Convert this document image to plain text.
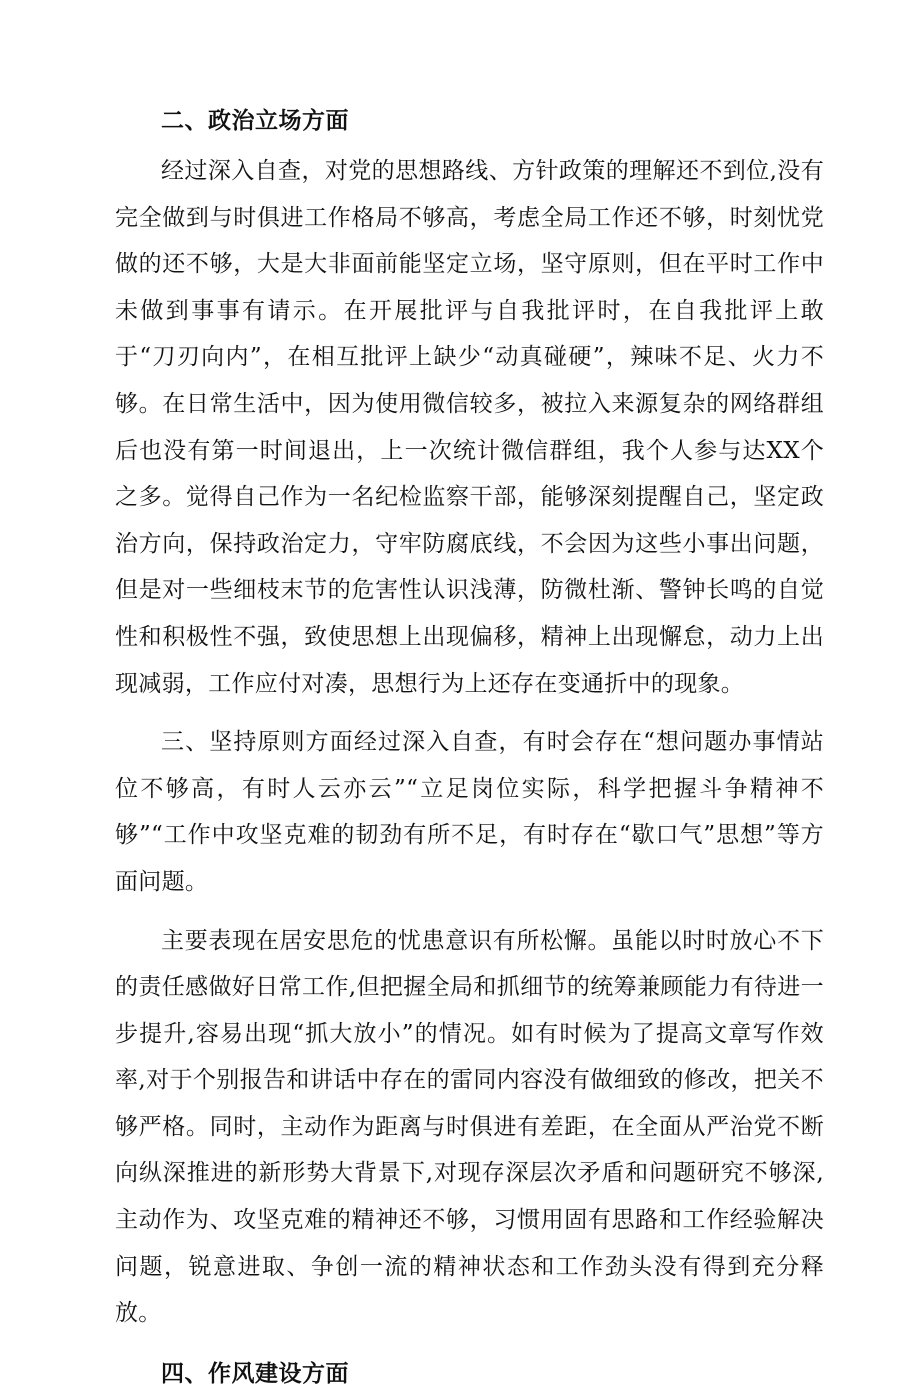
二、政治立场方面

经过深入自查，对党的思想路线、方针政策的理解还不到位,没有完全做到与时俱进工作格局不够高，考虑全局工作还不够，时刻忧党做的还不够，大是大非面前能坚定立场，坚守原则，但在平时工作中未做到事事有请示。在开展批评与自我批评时，在自我批评上敢于“刀刃向内”，在相互批评上缺少“动真碰硬”，辣味不足、火力不够。在日常生活中，因为使用微信较多，被拉入来源复杂的网络群组后也没有第一时间退出，上一次统计微信群组，我个人参与达XX个之多。觉得自己作为一名纪检监察干部，能够深刻提醒自己，坚定政治方向，保持政治定力，守牢防腐底线，不会因为这些小事出问题，但是对一些细枝末节的危害性认识浅薄，防微杜渐、警钟长鸣的自觉性和积极性不强，致使思想上出现偏移，精神上出现懈怠，动力上出现减弱，工作应付对凑，思想行为上还存在变通折中的现象。

三、坚持原则方面经过深入自查，有时会存在“想问题办事情站位不够高，有时人云亦云”“立足岗位实际，科学把握斗争精神不够”“工作中攻坚克难的韧劲有所不足，有时存在“歇口气”思想”等方面问题。

主要表现在居安思危的忧患意识有所松懈。虽能以时时放心不下的责任感做好日常工作,但把握全局和抓细节的统筹兼顾能力有待进一步提升,容易出现“抓大放小”的情况。如有时候为了提高文章写作效率,对于个别报告和讲话中存在的雷同内容没有做细致的修改，把关不够严格。同时，主动作为距离与时俱进有差距，在全面从严治党不断向纵深推进的新形势大背景下,对现存深层次矛盾和问题研究不够深,主动作为、攻坚克难的精神还不够，习惯用固有思路和工作经验解决问题，锐意进取、争创一流的精神状态和工作劲头没有得到充分释放。

四、作风建设方面
